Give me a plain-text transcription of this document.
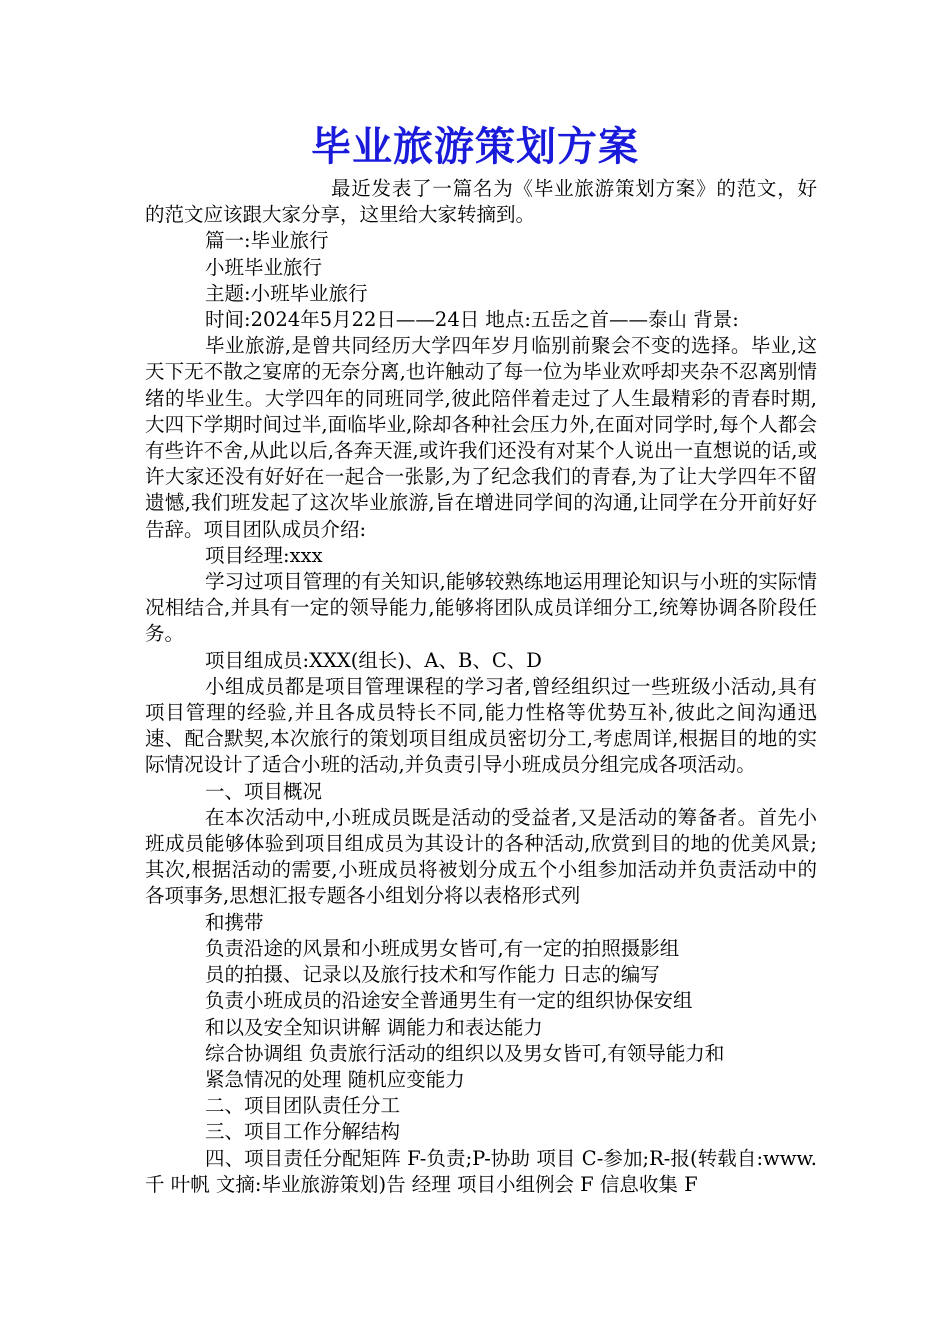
毕业旅游策划方案

最近发表了一篇名为《毕业旅游策划方案》的范文，好的范文应该跟大家分享，这里给大家转摘到。

篇一:毕业旅行

小班毕业旅行

主题:小班毕业旅行

时间:2024年5月22日——24日 地点:五岳之首——泰山 背景:

毕业旅游,是曾共同经历大学四年岁月临别前聚会不变的选择。毕业,这天下无不散之宴席的无奈分离,也许触动了每一位为毕业欢呼却夹杂不忍离别情绪的毕业生。大学四年的同班同学,彼此陪伴着走过了人生最精彩的青春时期,大四下学期时间过半,面临毕业,除却各种社会压力外,在面对同学时,每个人都会有些许不舍,从此以后,各奔天涯,或许我们还没有对某个人说出一直想说的话,或许大家还没有好好在一起合一张影,为了纪念我们的青春,为了让大学四年不留遗憾,我们班发起了这次毕业旅游,旨在增进同学间的沟通,让同学在分开前好好告辞。项目团队成员介绍:

项目经理:xxx

学习过项目管理的有关知识,能够较熟练地运用理论知识与小班的实际情况相结合,并具有一定的领导能力,能够将团队成员详细分工,统筹协调各阶段任务。

项目组成员:XXX(组长)、A、B、C、D

小组成员都是项目管理课程的学习者,曾经组织过一些班级小活动,具有项目管理的经验,并且各成员特长不同,能力性格等优势互补,彼此之间沟通迅速、配合默契,本次旅行的策划项目组成员密切分工,考虑周详,根据目的地的实际情况设计了适合小班的活动,并负责引导小班成员分组完成各项活动。

一、项目概况

在本次活动中,小班成员既是活动的受益者,又是活动的筹备者。首先小班成员能够体验到项目组成员为其设计的各种活动,欣赏到目的地的优美风景;其次,根据活动的需要,小班成员将被划分成五个小组参加活动并负责活动中的各项事务,思想汇报专题各小组划分将以表格形式列

和携带

负责沿途的风景和小班成男女皆可,有一定的拍照摄影组

员的拍摄、记录以及旅行技术和写作能力 日志的编写

负责小班成员的沿途安全普通男生有一定的组织协保安组

和以及安全知识讲解 调能力和表达能力

综合协调组 负责旅行活动的组织以及男女皆可,有领导能力和

紧急情况的处理 随机应变能力

二、项目团队责任分工

三、项目工作分解结构

四、项目责任分配矩阵 F-负责;P-协助 项目 C-参加;R-报(转载自:www.千 叶帆 文摘:毕业旅游策划)告 经理 项目小组例会 F 信息收集 F
